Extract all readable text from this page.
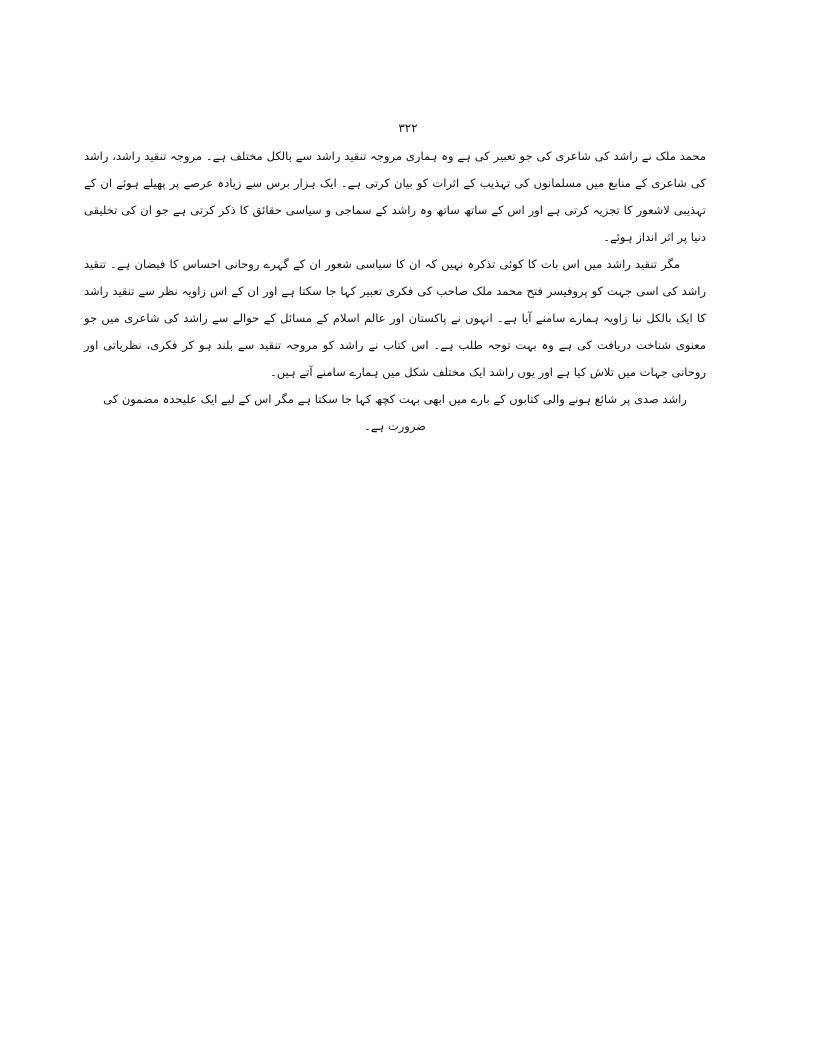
۳۲۲

محمد ملک نے راشد کی شاعری کی جو تعبیر کی ہے وہ ہماری مروجہ تنقید راشد سے بالکل مختلف ہے۔ مروجہ تنقید راشد، راشد کی شاعری کے منابع میں مسلمانوں کی تہذیب کے اثرات کو بیان کرتی ہے۔ ایک ہزار برس سے زیادہ عرصے پر پھیلے ہوئے ان کے تہذیبی لاشعور کا تجزیہ کرتی ہے اور اس کے ساتھ ساتھ وہ راشد کے سماجی و سیاسی حقائق کا ذکر کرتی ہے جو ان کی تخلیقی دنیا پر اثر انداز ہوئے۔

مگر تنقید راشد میں اس بات کا کوئی تذکرہ نہیں کہ ان کا سیاسی شعور ان کے گہرے روحانی احساس کا فیضان ہے۔ تنقید راشد کی اسی جہت کو پروفیسر فتح محمد ملک صاحب کی فکری تعبیر کہا جا سکتا ہے اور ان کے اس زاویہ نظر سے تنقید راشد کا ایک بالکل نیا زاویہ ہمارے سامنے آیا ہے۔ انہوں نے پاکستان اور عالم اسلام کے مسائل کے حوالے سے راشد کی شاعری میں جو معنوی شناخت دریافت کی ہے وہ بہت توجہ طلب ہے۔ اس کتاب نے راشد کو مروجہ تنقید سے بلند ہو کر فکری، نظریاتی اور روحانی جہات میں تلاش کیا ہے اور یوں راشد ایک مختلف شکل میں ہمارے سامنے آتے ہیں۔

راشد صدی پر شائع ہونے والی کتابوں کے بارے میں ابھی بہت کچھ کہا جا سکتا ہے مگر اس کے لیے ایک علیحدہ مضمون کی ضرورت ہے۔
